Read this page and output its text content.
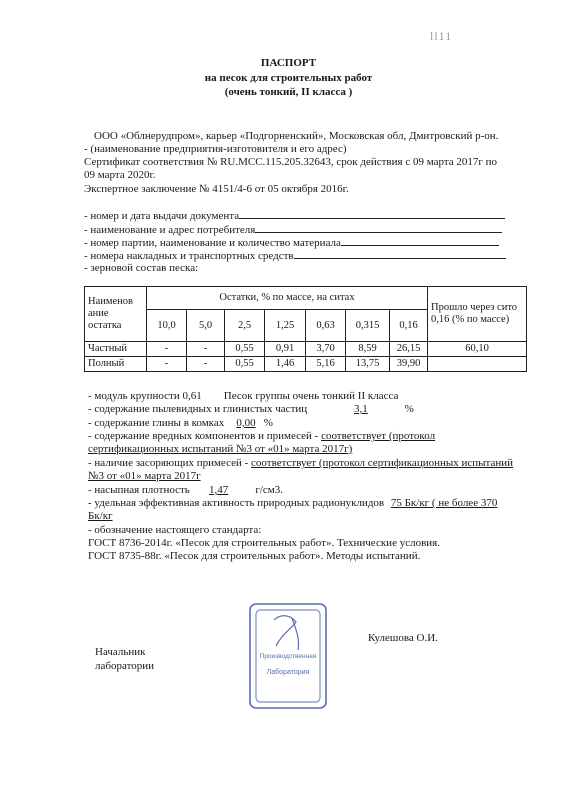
ll11
ПАСПОРТ
на песок для строительных работ
(очень тонкий, II класса )
ООО «Облнерудпром», карьер «Подгорненский», Московская обл, Дмитровский р-он.
- (наименование предприятия-изготовителя и его адрес)
Сертификат соответствия № RU.МСС.115.205.32643, срок действия с 09 марта 2017г по
09 марта 2020г.
Экспертное заключение № 4151/4-6 от 05 октября 2016г.
- номер и дата выдачи документа
- наименование и адрес потребителя
- номер партии, наименование и количество материала
- номера накладных и транспортных средств
- зерновой состав песка:
Наименов ание остатка	Остатки, % по массе, на ситах							Прошло через сито 0,16 (% по массе)
	10,0	5,0	2,5	1,25	0,63	0,315	0,16	
Частный	-	-	0,55	0,91	3,70	8,59	26,15	60,10
Полный	-	-	0,55	1,46	5,16	13,75	39,90	
- модуль крупности 0,61 Песок группы очень тонкий II класса
- содержание пылевидных и глинистых частиц	3,1	%
- содержание глины в комках 0,00 %
- содержание вредных компонентов и примесей - соответствует (протокол
сертификационных испытаний №3 от «01» марта 2017г)
- наличие засоряющих примесей - соответствует (протокол сертификационных испытаний
№3 от «01» марта 2017г
- насыпная плотность 1,47 г/см3.
- удельная эффективная активность природных радионуклидов 75 Бк/кг ( не более 370
Бк/кг
- обозначение настоящего стандарта:
ГОСТ 8736-2014г. «Песок для строительных работ». Технические условия.
ГОСТ 8735-88г. «Песок для строительных работ». Методы испытаний.
Начальник лаборатории
Кулешова О.И.
Производственная
Лаборатория
